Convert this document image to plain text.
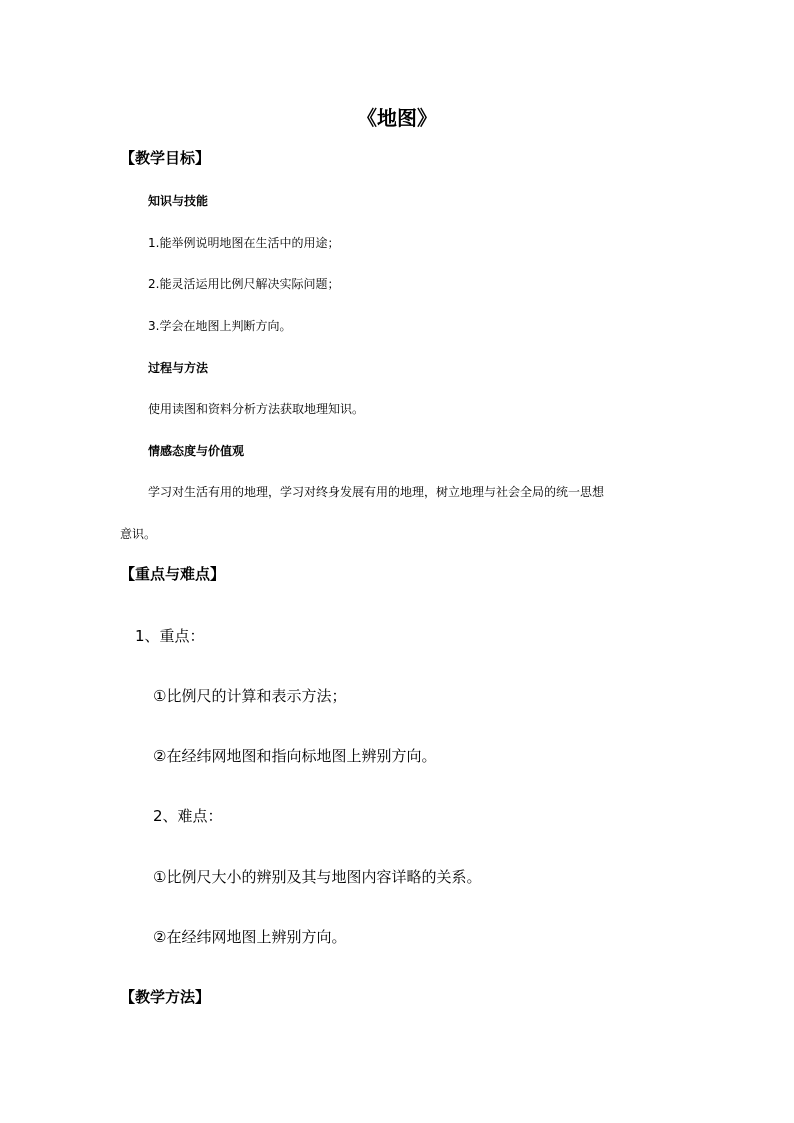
《地图》
【教学目标】
知识与技能
1.能举例说明地图在生活中的用途；
2.能灵活运用比例尺解决实际问题；
3.学会在地图上判断方向。
过程与方法
使用读图和资料分析方法获取地理知识。
情感态度与价值观
学习对生活有用的地理，学习对终身发展有用的地理，树立地理与社会全局的统一思想
意识。
【重点与难点】
1、重点：
①比例尺的计算和表示方法；
②在经纬网地图和指向标地图上辨别方向。
2、难点：
①比例尺大小的辨别及其与地图内容详略的关系。
②在经纬网地图上辨别方向。
【教学方法】
